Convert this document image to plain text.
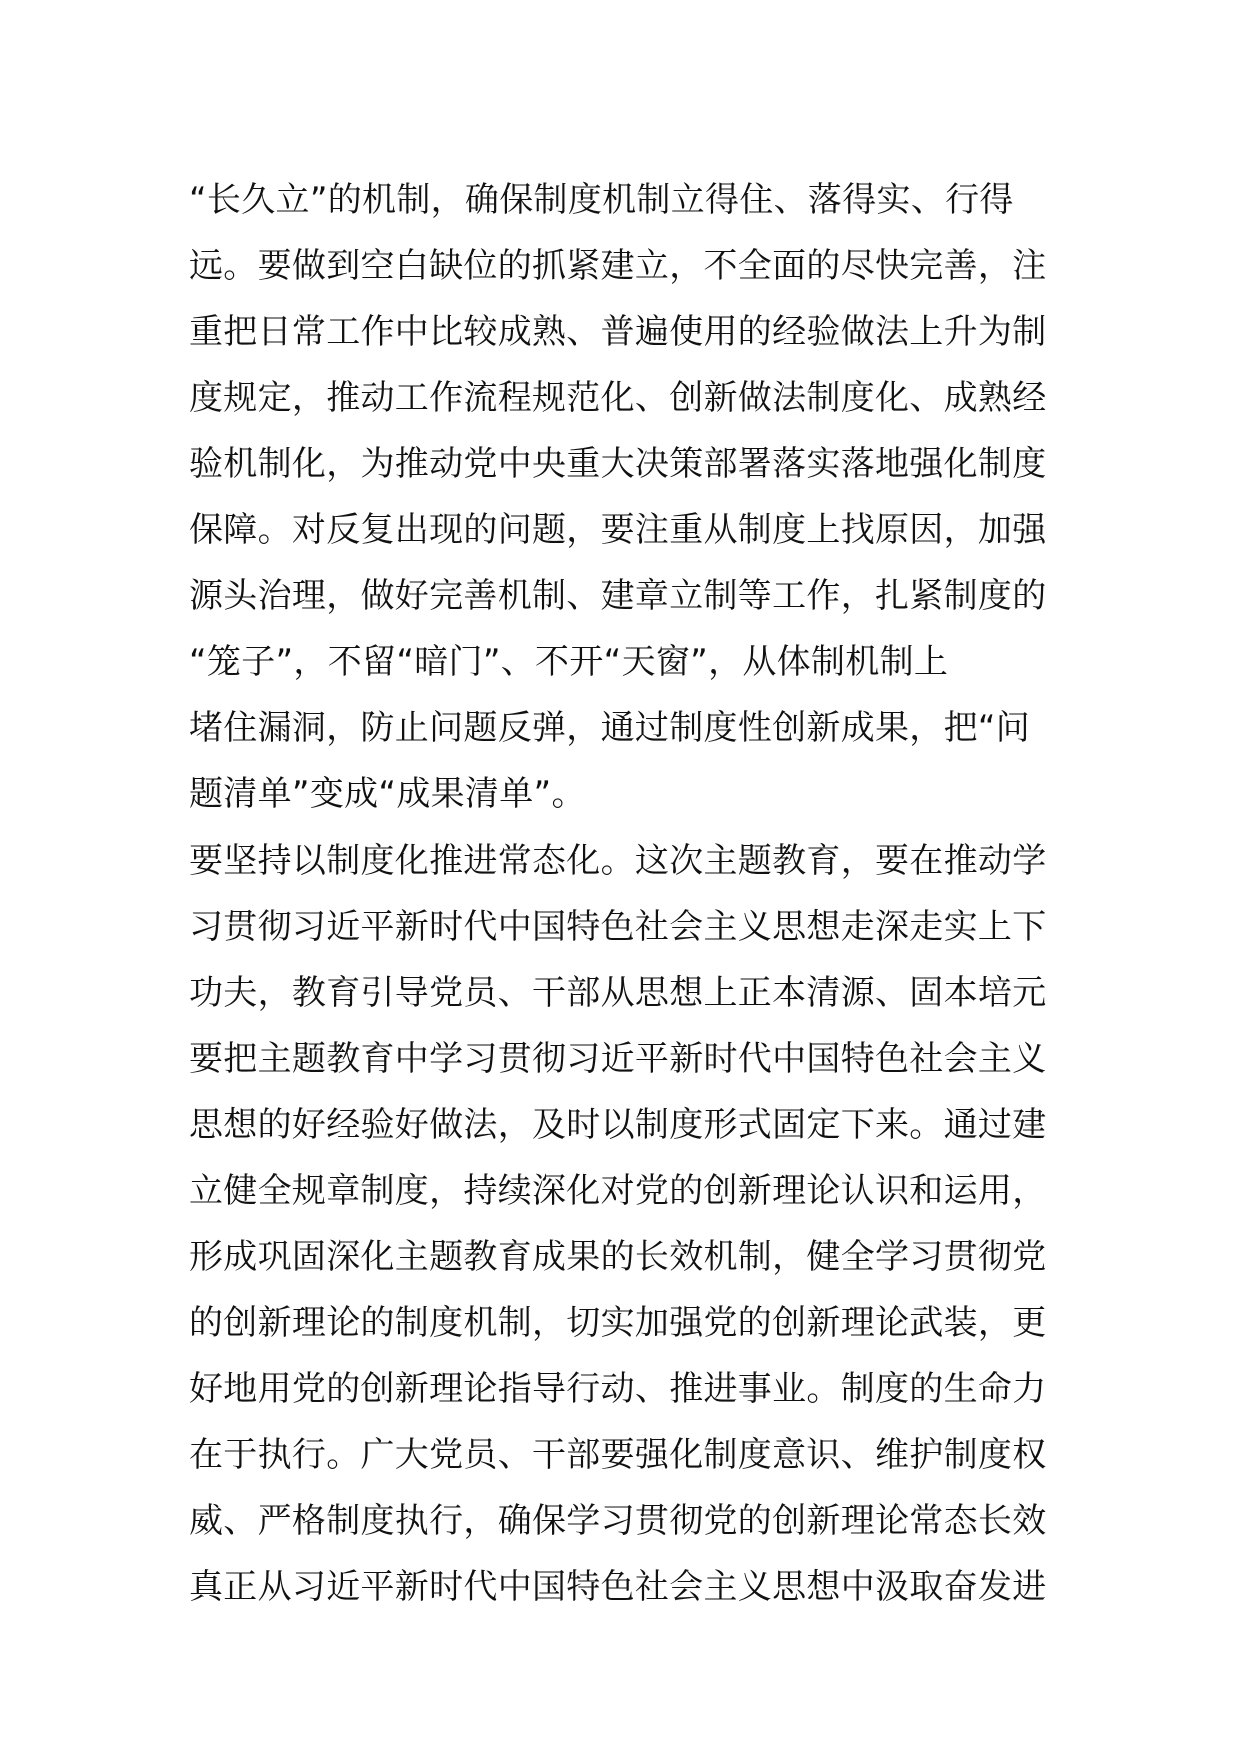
“长久立”的机制，确保制度机制立得住、落得实、行得
远。要做到空白缺位的抓紧建立，不全面的尽快完善，注
重把日常工作中比较成熟、普遍使用的经验做法上升为制
度规定，推动工作流程规范化、创新做法制度化、成熟经
验机制化，为推动党中央重大决策部署落实落地强化制度
保障。对反复出现的问题，要注重从制度上找原因，加强
源头治理，做好完善机制、建章立制等工作，扎紧制度的
“笼子”，不留“暗门”、不开“天窗”，从体制机制上
堵住漏洞，防止问题反弹，通过制度性创新成果，把“问
题清单”变成“成果清单”。
要坚持以制度化推进常态化。这次主题教育，要在推动学
习贯彻习近平新时代中国特色社会主义思想走深走实上下
功夫，教育引导党员、干部从思想上正本清源、固本培元
要把主题教育中学习贯彻习近平新时代中国特色社会主义
思想的好经验好做法，及时以制度形式固定下来。通过建
立健全规章制度，持续深化对党的创新理论认识和运用，
形成巩固深化主题教育成果的长效机制，健全学习贯彻党
的创新理论的制度机制，切实加强党的创新理论武装，更
好地用党的创新理论指导行动、推进事业。制度的生命力
在于执行。广大党员、干部要强化制度意识、维护制度权
威、严格制度执行，确保学习贯彻党的创新理论常态长效
真正从习近平新时代中国特色社会主义思想中汲取奋发进
